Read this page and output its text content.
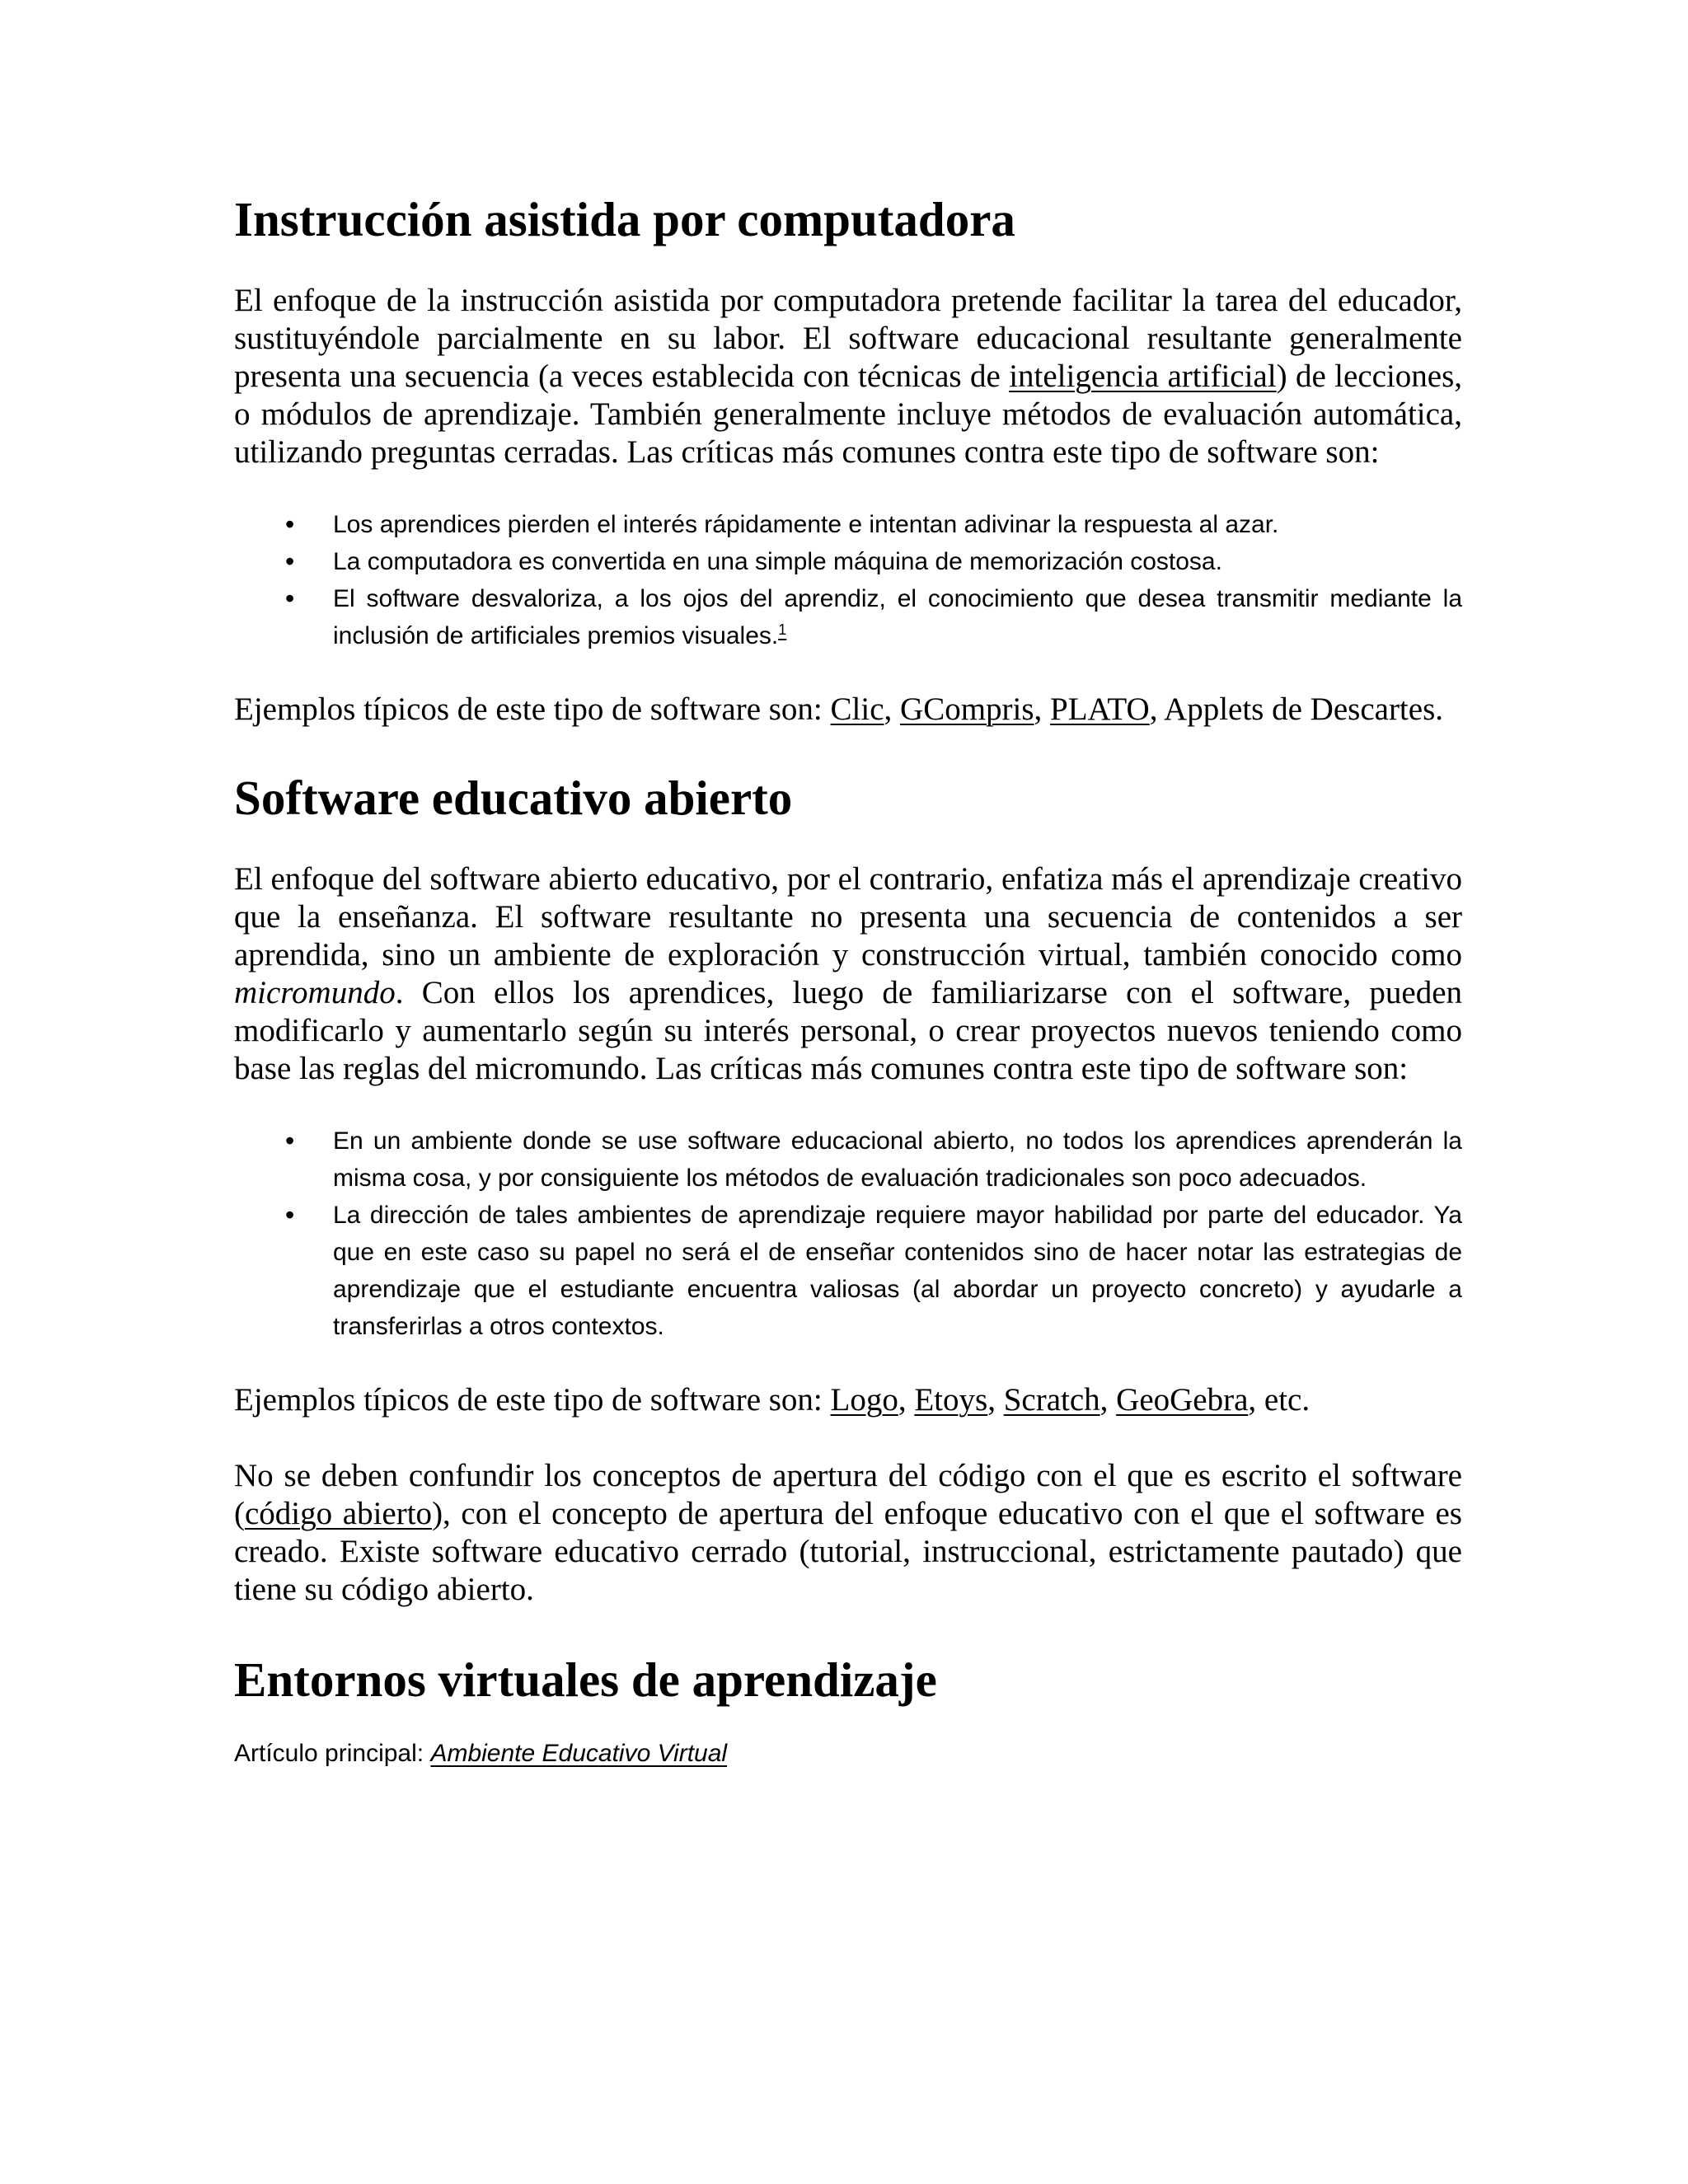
Instrucción asistida por computadora

El enfoque de la instrucción asistida por computadora pretende facilitar la tarea del educador, sustituyéndole parcialmente en su labor. El software educacional resultante generalmente presenta una secuencia (a veces establecida con técnicas de inteligencia artificial) de lecciones, o módulos de aprendizaje. También generalmente incluye métodos de evaluación automática, utilizando preguntas cerradas. Las críticas más comunes contra este tipo de software son:

• Los aprendices pierden el interés rápidamente e intentan adivinar la respuesta al azar.
• La computadora es convertida en una simple máquina de memorización costosa.
• El software desvaloriza, a los ojos del aprendiz, el conocimiento que desea transmitir mediante la inclusión de artificiales premios visuales.$^1$

Ejemplos típicos de este tipo de software son: Clic, GCompris, PLATO, Applets de Descartes.

Software educativo abierto

El enfoque del software abierto educativo, por el contrario, enfatiza más el aprendizaje creativo que la enseñanza. El software resultante no presenta una secuencia de contenidos a ser aprendida, sino un ambiente de exploración y construcción virtual, también conocido como micromundo. Con ellos los aprendices, luego de familiarizarse con el software, pueden modificarlo y aumentarlo según su interés personal, o crear proyectos nuevos teniendo como base las reglas del micromundo. Las críticas más comunes contra este tipo de software son:

• En un ambiente donde se use software educacional abierto, no todos los aprendices aprenderán la misma cosa, y por consiguiente los métodos de evaluación tradicionales son poco adecuados.
• La dirección de tales ambientes de aprendizaje requiere mayor habilidad por parte del educador. Ya que en este caso su papel no será el de enseñar contenidos sino de hacer notar las estrategias de aprendizaje que el estudiante encuentra valiosas (al abordar un proyecto concreto) y ayudarle a transferirlas a otros contextos.

Ejemplos típicos de este tipo de software son: Logo, Etoys, Scratch, GeoGebra, etc.

No se deben confundir los conceptos de apertura del código con el que es escrito el software (código abierto), con el concepto de apertura del enfoque educativo con el que el software es creado. Existe software educativo cerrado (tutorial, instruccional, estrictamente pautado) que tiene su código abierto.

Entornos virtuales de aprendizaje

Artículo principal: Ambiente Educativo Virtual
